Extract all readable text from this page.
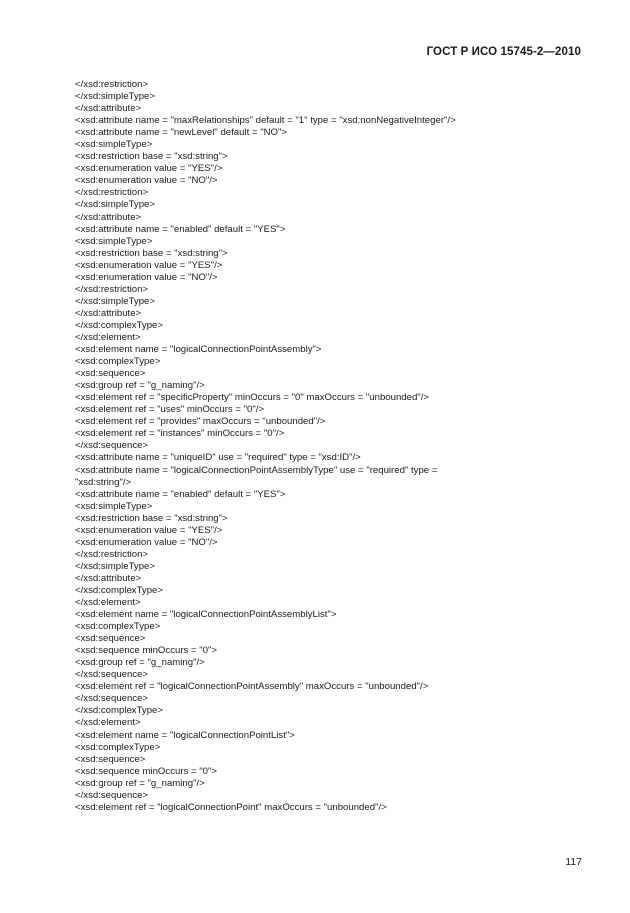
ГОСТ Р ИСО 15745-2—2010
</xsd:restriction>
</xsd:simpleType>
</xsd:attribute>
<xsd:attribute name = "maxRelationships" default = "1" type = "xsd:nonNegativeInteger"/>
<xsd:attribute name = "newLevel" default = "NO">
<xsd:simpleType>
<xsd:restriction base = "xsd:string">
<xsd:enumeration value = "YES"/>
<xsd:enumeration value = "NO"/>
</xsd:restriction>
</xsd:simpleType>
</xsd:attribute>
<xsd:attribute name = "enabled" default = "YES">
<xsd:simpleType>
<xsd:restriction base = "xsd:string">
<xsd:enumeration value = "YES"/>
<xsd:enumeration value = "NO"/>
</xsd:restriction>
</xsd:simpleType>
</xsd:attribute>
</xsd:complexType>
</xsd:element>
<xsd:element name = "logicalConnectionPointAssembly">
<xsd:complexType>
<xsd:sequence>
<xsd:group ref = "g_naming"/>
<xsd:element ref = "specificProperty" minOccurs = "0" maxOccurs = "unbounded"/>
<xsd:element ref = "uses" minOccurs = "0"/>
<xsd:element ref = "provides" maxOccurs = "unbounded"/>
<xsd:element ref = "instances" minOccurs = "0"/>
</xsd:sequence>
<xsd:attribute name = "uniqueID" use = "required" type = "xsd:ID"/>
<xsd:attribute name = "logicalConnectionPointAssemblyType" use = "required" type =
"xsd:string"/>
<xsd:attribute name = "enabled" default = "YES">
<xsd:simpleType>
<xsd:restriction base = "xsd:string">
<xsd:enumeration value = "YES"/>
<xsd:enumeration value = "NO"/>
</xsd:restriction>
</xsd:simpleType>
</xsd:attribute>
</xsd:complexType>
</xsd:element>
<xsd:element name = "logicalConnectionPointAssemblyList">
<xsd:complexType>
<xsd:sequence>
<xsd:sequence minOccurs = "0">
<xsd:group ref = "g_naming"/>
</xsd:sequence>
<xsd:element ref = "logicalConnectionPointAssembly" maxOccurs = "unbounded"/>
</xsd:sequence>
</xsd:complexType>
</xsd:element>
<xsd:element name = "logicalConnectionPointList">
<xsd:complexType>
<xsd:sequence>
<xsd:sequence minOccurs = "0">
<xsd:group ref = "g_naming"/>
</xsd:sequence>
<xsd:element ref = "logicalConnectionPoint" maxOccurs = "unbounded"/>
117
